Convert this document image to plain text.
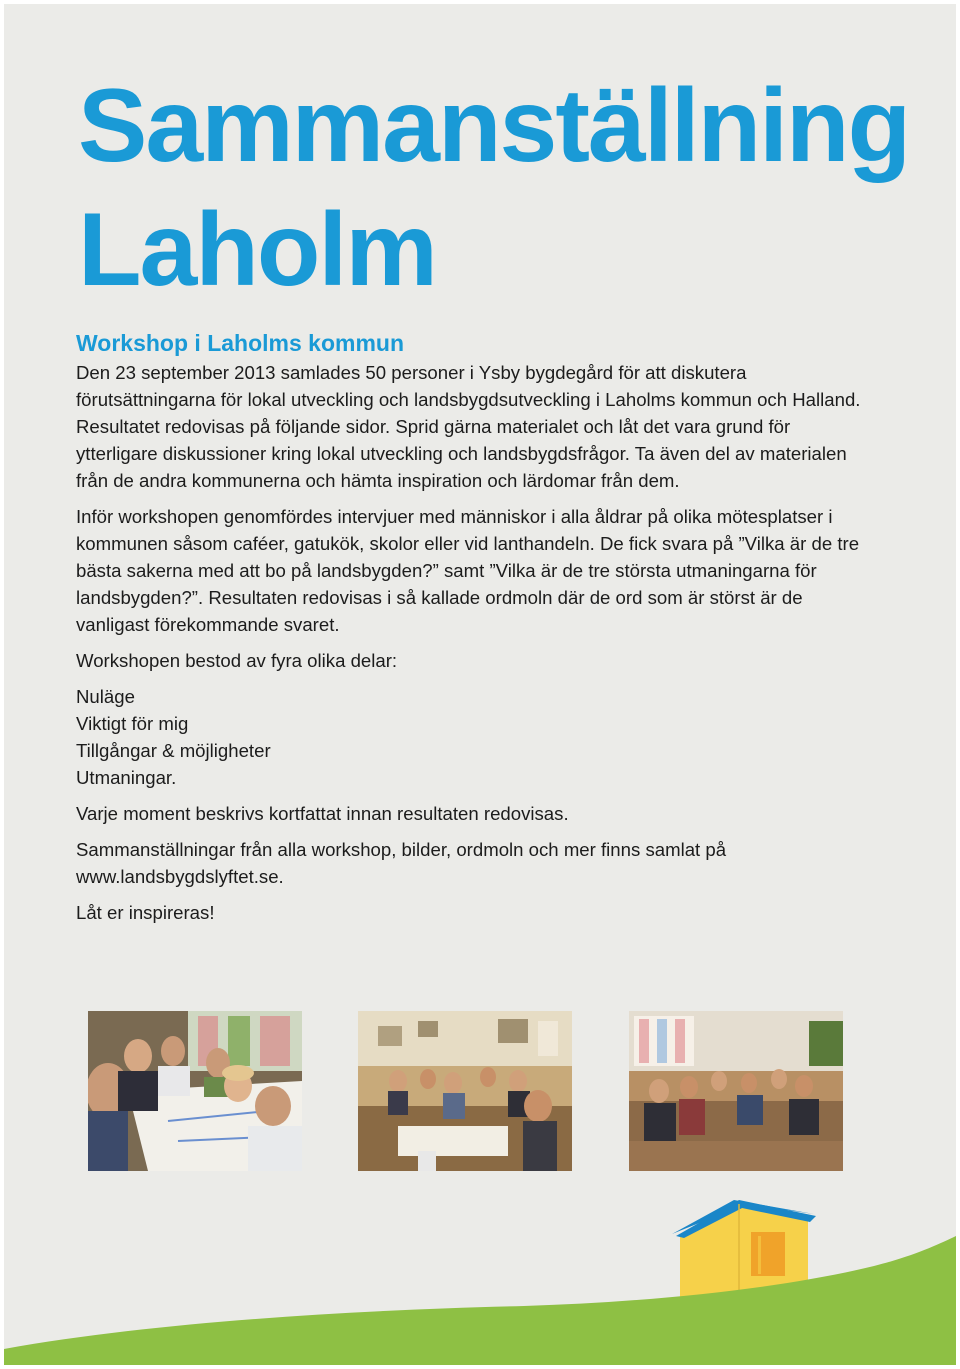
Sammanställning
Laholm
Workshop i Laholms kommun

Den 23 september 2013 samlades 50 personer i Ysby bygdegård för att diskutera förutsättningarna för lokal utveckling och landsbygdsutveckling i Laholms kommun och Halland. Resultatet redovisas på följande sidor. Sprid gärna materialet och låt det vara grund för ytterligare diskussioner kring lokal utveckling och landsbygdsfrågor. Ta även del av materialen från de andra kommunerna och hämta inspiration och lärdomar från dem.

Inför workshopen genomfördes intervjuer med människor i alla åldrar på olika mötesplatser i kommunen såsom caféer, gatukök, skolor eller vid lanthandeln. De fick svara på ”Vilka är de tre bästa sakerna med att bo på landsbygden?” samt ”Vilka är de tre största utmaningarna för landsbygden?”. Resultaten redovisas i så kallade ordmoln där de ord som är störst är de vanligast förekommande svaret.

Workshopen bestod av fyra olika delar:

Nuläge
Viktigt för mig
Tillgångar & möjligheter
Utmaningar.

Varje moment beskrivs kortfattat innan resultaten redovisas.

Sammanställningar från alla workshop, bilder, ordmoln och mer finns samlat på www.landsbygdslyftet.se.

Låt er inspireras!
